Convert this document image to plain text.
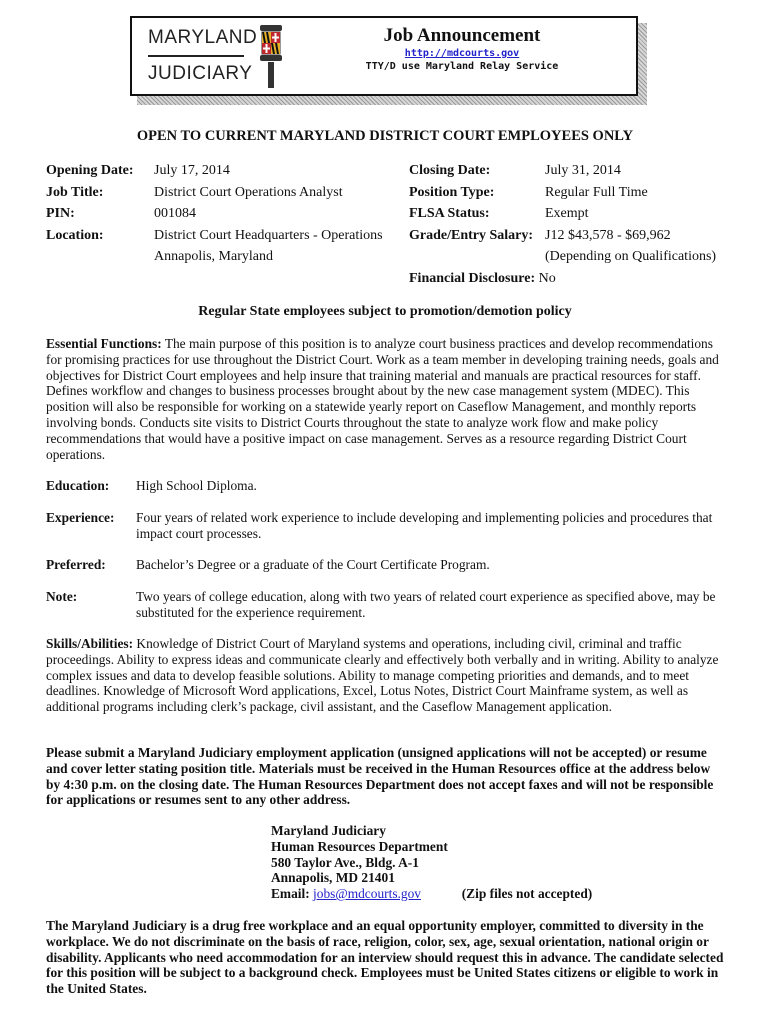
MARYLAND
JUDICIARY
Job Announcement
http://mdcourts.gov
TTY/D use Maryland Relay Service
OPEN TO CURRENT MARYLAND DISTRICT COURT EMPLOYEES ONLY
Opening Date:
Job Title:
PIN:
Location:
July 17, 2014
District Court Operations Analyst
001084
District Court Headquarters - Operations
Annapolis, Maryland
Closing Date:
Position Type:
FLSA Status:
Grade/Entry Salary:
July 31, 2014
Regular Full Time
Exempt
J12 $43,578 - $69,962
(Depending on Qualifications)
Financial Disclosure: No
Regular State employees subject to promotion/demotion policy
Essential Functions: The main purpose of this position is to analyze court business practices and develop recommendations for promising practices for use throughout the District Court. Work as a team member in developing training needs, goals and objectives for District Court employees and help insure that training material and manuals are practical resources for staff. Defines workflow and changes to business processes brought about by the new case management system (MDEC). This position will also be responsible for working on a statewide yearly report on Caseflow Management, and monthly reports involving bonds. Conducts site visits to District Courts throughout the state to analyze work flow and make policy recommendations that would have a positive impact on case management. Serves as a resource regarding District Court operations.
Education: High School Diploma.
Experience: Four years of related work experience to include developing and implementing policies and procedures that impact court processes.
Preferred: Bachelor’s Degree or a graduate of the Court Certificate Program.
Note:	Two years of college education, along with two years of related court experience as specified above, may be substituted for the experience requirement.
Skills/Abilities: Knowledge of District Court of Maryland systems and operations, including civil, criminal and traffic proceedings. Ability to express ideas and communicate clearly and effectively both verbally and in writing. Ability to analyze complex issues and data to develop feasible solutions. Ability to manage competing priorities and demands, and to meet deadlines. Knowledge of Microsoft Word applications, Excel, Lotus Notes, District Court Mainframe system, as well as additional programs including clerk’s package, civil assistant, and the Caseflow Management application.
Please submit a Maryland Judiciary employment application (unsigned applications will not be accepted) or resume and cover letter stating position title. Materials must be received in the Human Resources office at the address below by 4:30 p.m. on the closing date. The Human Resources Department does not accept faxes and will not be responsible for applications or resumes sent to any other address.
Maryland Judiciary
Human Resources Department
580 Taylor Ave., Bldg. A-1
Annapolis, MD 21401
Email: jobs@mdcourts.gov	(Zip files not accepted)
The Maryland Judiciary is a drug free workplace and an equal opportunity employer, committed to diversity in the workplace. We do not discriminate on the basis of race, religion, color, sex, age, sexual orientation, national origin or disability. Applicants who need accommodation for an interview should request this in advance. The candidate selected for this position will be subject to a background check. Employees must be United States citizens or eligible to work in the United States.
